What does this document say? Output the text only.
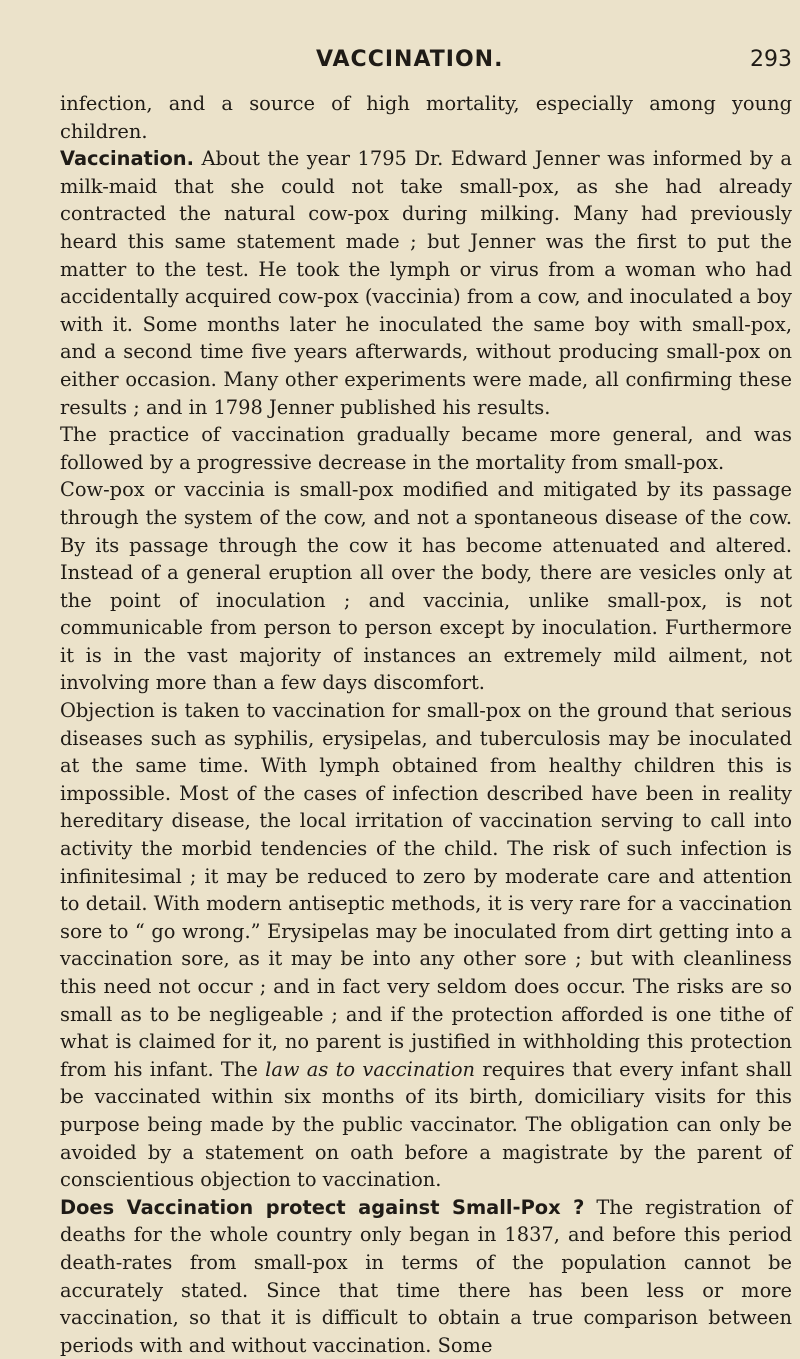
VACCINATION.	293

infection, and a source of high mortality, especially among young children.

Vaccination. About the year 1795 Dr. Edward Jenner was informed by a milk-maid that she could not take small-pox, as she had already contracted the natural cow-pox during milking. Many had previously heard this same statement made ; but Jenner was the first to put the matter to the test. He took the lymph or virus from a woman who had accidentally acquired cow-pox (vaccinia) from a cow, and inoculated a boy with it. Some months later he inoculated the same boy with small-pox, and a second time five years afterwards, without producing small-pox on either occasion. Many other experiments were made, all confirming these results ; and in 1798 Jenner published his results.

The practice of vaccination gradually became more general, and was followed by a progressive decrease in the mortality from small-pox.

Cow-pox or vaccinia is small-pox modified and mitigated by its passage through the system of the cow, and not a spontaneous disease of the cow. By its passage through the cow it has become attenuated and altered. Instead of a general eruption all over the body, there are vesicles only at the point of inoculation ; and vaccinia, unlike small-pox, is not communicable from person to person except by inoculation. Furthermore it is in the vast majority of instances an extremely mild ailment, not involving more than a few days discomfort.

Objection is taken to vaccination for small-pox on the ground that serious diseases such as syphilis, erysipelas, and tuberculosis may be inoculated at the same time. With lymph obtained from healthy children this is impossible. Most of the cases of infection described have been in reality hereditary disease, the local irritation of vaccination serving to call into activity the morbid tendencies of the child. The risk of such infection is infinitesimal ; it may be reduced to zero by moderate care and attention to detail. With modern antiseptic methods, it is very rare for a vaccination sore to “ go wrong.” Erysipelas may be inoculated from dirt getting into a vaccination sore, as it may be into any other sore ; but with cleanliness this need not occur ; and in fact very seldom does occur. The risks are so small as to be negligeable ; and if the protection afforded is one tithe of what is claimed for it, no parent is justified in withholding this protection from his infant. The law as to vaccination requires that every infant shall be vaccinated within six months of its birth, domiciliary visits for this purpose being made by the public vaccinator. The obligation can only be avoided by a statement on oath before a magistrate by the parent of conscientious objection to vaccination.

Does Vaccination protect against Small-Pox ? The registration of deaths for the whole country only began in 1837, and before this period death-rates from small-pox in terms of the population cannot be accurately stated. Since that time there has been less or more vaccination, so that it is difficult to obtain a true comparison between periods with and without vaccination. Some
